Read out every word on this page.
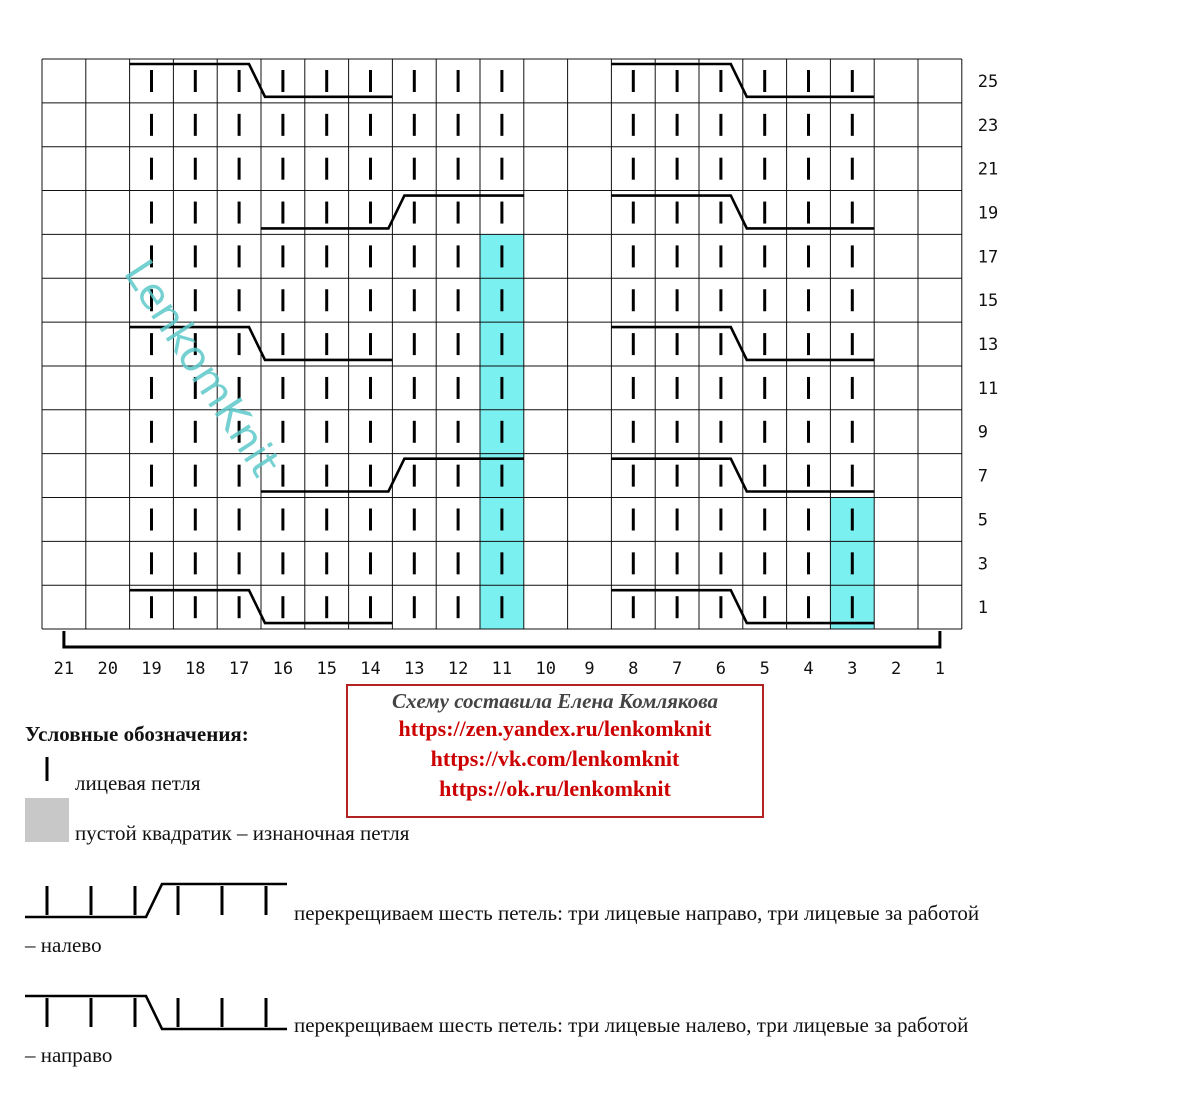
25
23
21
19
17
15
13
11
9
7
5
3
1
21 20 19 18 17 16 15 14 13 12 11 10 9 8 7 6 5 4 3 2 1
LenkomKnit
Схему составила Елена Комлякова
https://zen.yandex.ru/lenkomknit
https://vk.com/lenkomknit
https://ok.ru/lenkomknit
Условные обозначения:
лицевая петля
пустой квадратик – изнаночная петля
перекрещиваем шесть петель: три лицевые направо, три лицевые за работой
– налево
перекрещиваем шесть петель: три лицевые налево, три лицевые за работой
– направо
